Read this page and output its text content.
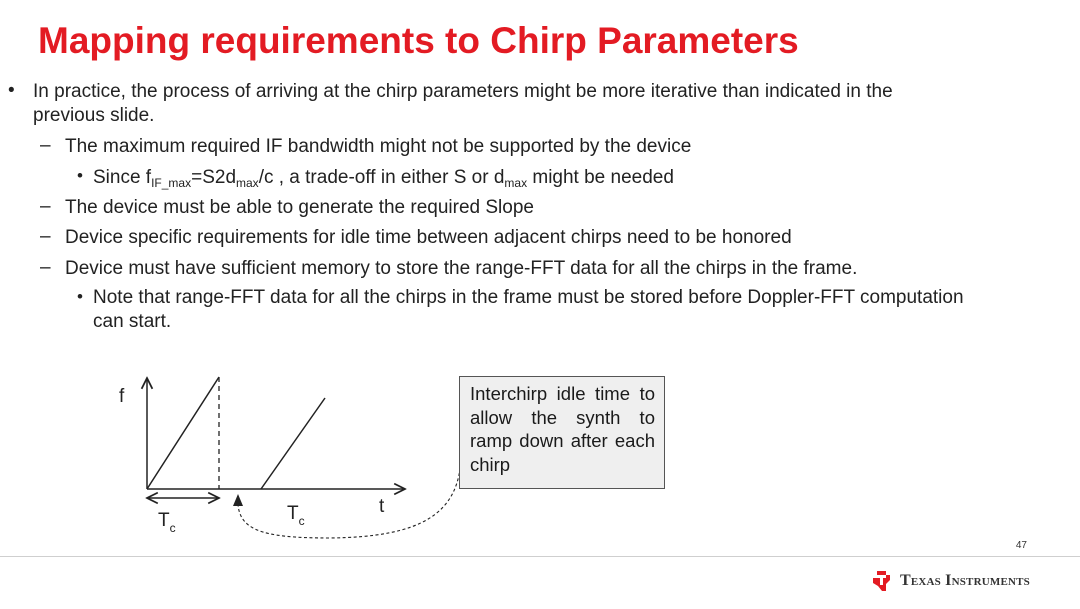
Mapping requirements to Chirp Parameters
• In practice, the process of arriving at the chirp parameters might be more iterative than indicated in the
previous slide.
– The maximum required IF bandwidth might not be supported by the device
• Since $f_{IF\_max}=S2d_{max}/c$ , a trade-off in either S or $d_{max}$ might be needed
– The device must be able to generate the required Slope
– Device specific requirements for idle time between adjacent chirps need to be honored
– Device must have sufficient memory to store the range-FFT data for all the chirps in the frame.
• Note that range-FFT data for all the chirps in the frame must be stored before Doppler-FFT computation
can start.
f
t
$T_c$
$T_c$
Interchirp idle time to allow the synth to ramp down after each chirp
47
Texas Instruments
